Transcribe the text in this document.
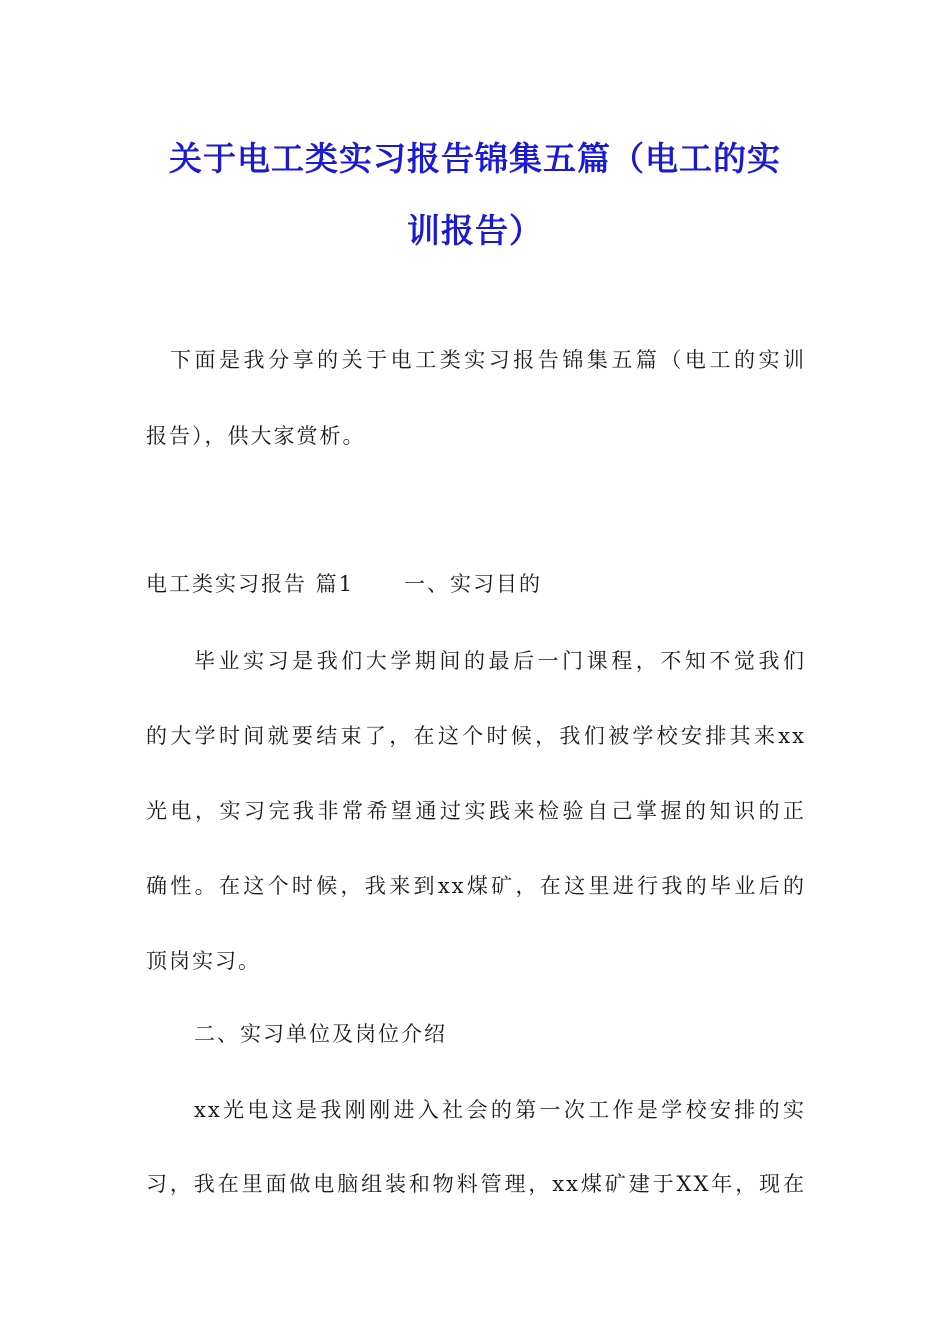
关于电工类实习报告锦集五篇（电工的实
训报告）
下面是我分享的关于电工类实习报告锦集五篇（电工的实训
报告），供大家赏析。
电工类实习报告 篇1 一、实习目的
毕业实习是我们大学期间的最后一门课程，不知不觉我们
的大学时间就要结束了，在这个时候，我们被学校安排其来xx
光电，实习完我非常希望通过实践来检验自己掌握的知识的正
确性。在这个时候，我来到xx煤矿，在这里进行我的毕业后的
顶岗实习。
二、实习单位及岗位介绍
xx光电这是我刚刚进入社会的第一次工作是学校安排的实
习，我在里面做电脑组装和物料管理，xx煤矿建于XX年，现在
